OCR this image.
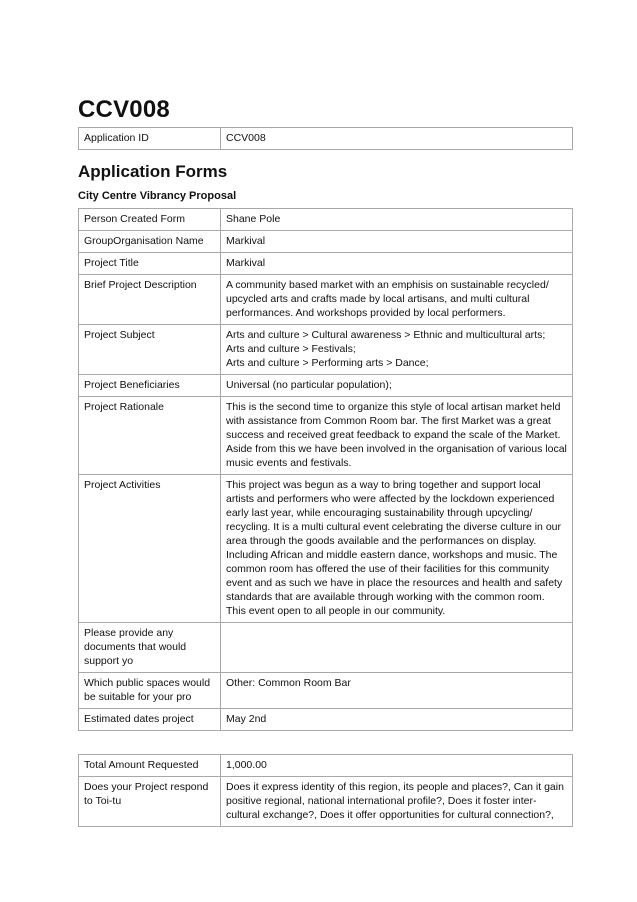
CCV008
Application ID	CCV008
Application Forms

City Centre Vibrancy Proposal

Person Created Form	Shane Pole
GroupOrganisation Name	Markival
Project Title	Markival
Brief Project Description	A community based market with an emphisis on sustainable recycled/ upcycled arts and crafts made by local artisans, and multi cultural performances. And workshops provided by local performers.
Project Subject	Arts and culture > Cultural awareness > Ethnic and multicultural arts;
Arts and culture > Festivals;
Arts and culture > Performing arts > Dance;

Project Beneficiaries	Universal (no particular population);
Project Rationale	This is the second time to organize this style of local artisan market held with assistance from Common Room bar. The first Market was a great success and received great feedback to expand the scale of the Market. Aside from this we have been involved in the organisation of various local music events and festivals.
Project Activities	This project was begun as a way to bring together and support local artists and performers who were affected by the lockdown experienced early last year, while encouraging sustainability through upcycling/ recycling. It is a multi cultural event celebrating the diverse culture in our area through the goods available and the performances on display. Including African and middle eastern dance, workshops and music. The common room has offered the use of their facilities for this community event and as such we have in place the resources and health and safety standards that are available through working with the common room. This event open to all people in our community.
Please provide any documents that would support yo	
Which public spaces would be suitable for your pro	Other: Common Room Bar
Estimated dates project	May 2nd
Total Amount Requested	1,000.00
Does your Project respond to Toi-tu	Does it express identity of this region, its people and places?, Can it gain positive regional, national international profile?, Does it foster inter-cultural exchange?, Does it offer opportunities for cultural connection?,
